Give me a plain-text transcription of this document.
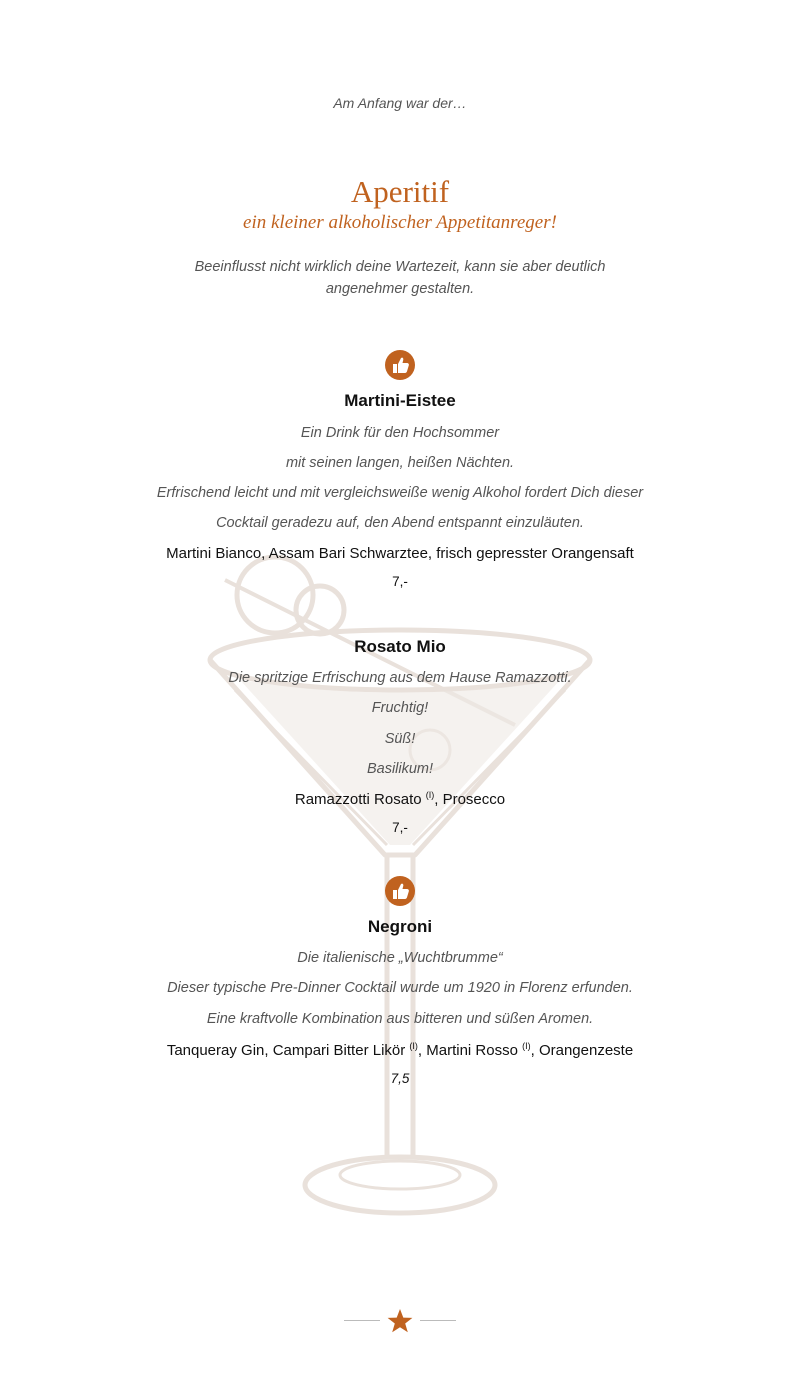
Am Anfang war der…
Aperitif
ein kleiner alkoholischer Appetitanreger!
Beeinflusst nicht wirklich deine Wartezeit, kann sie aber deutlich
angenehmer gestalten.
Martini-Eistee
Ein Drink für den Hochsommer
mit seinen langen, heißen Nächten.
Erfrischend leicht und mit vergleichsweiße wenig Alkohol fordert Dich dieser
Cocktail geradezu auf, den Abend entspannt einzuläuten.
Martini Bianco, Assam Bari Schwarztee, frisch gepresster Orangensaft
7,-
Rosato Mio
Die spritzige Erfrischung aus dem Hause Ramazzotti.
Fruchtig!
Süß!
Basilikum!
Ramazzotti Rosato $^{(I)}$, Prosecco
7,-
Negroni
Die italienische „Wuchtbrumme“
Dieser typische Pre-Dinner Cocktail wurde um 1920 in Florenz erfunden.
Eine kraftvolle Kombination aus bitteren und süßen Aromen.
Tanqueray Gin, Campari Bitter Likör $^{(I)}$, Martini Rosso $^{(I)}$, Orangenzeste
7,5
